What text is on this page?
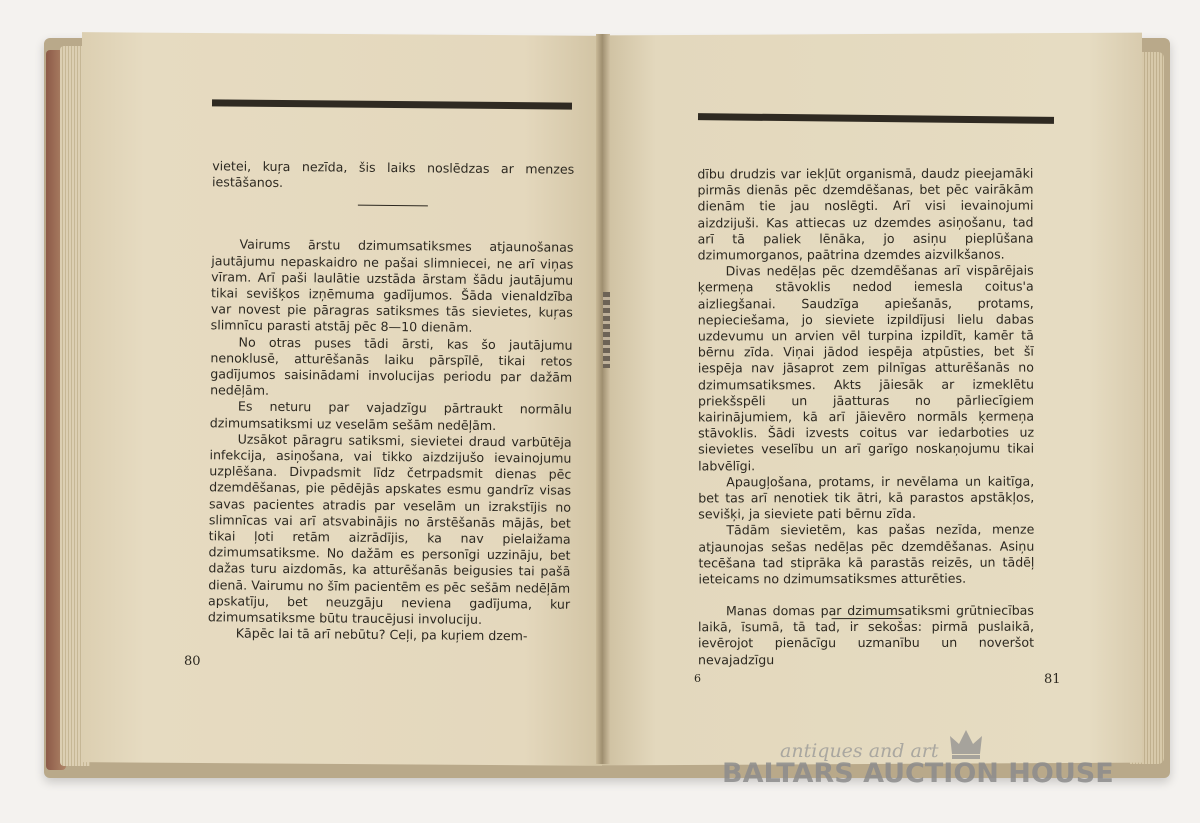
vietei, kuŗa nezīda, šis laiks noslēdzas ar menzes iestāšanos.

Vairums ārstu dzimumsatiksmes atjaunošanas jautājumu nepaskaidro ne pašai slimniecei, ne arī viņas vīram. Arī paši laulātie uzstāda ārstam šādu jautājumu tikai sevišķos izņēmuma gadījumos. Šāda vienaldzība var novest pie pāragras satiksmes tās sievietes, kuŗas slimnīcu parasti atstāj pēc 8—10 dienām.

No otras puses tādi ārsti, kas šo jautājumu nenoklusē, atturēšanās laiku pārspīlē, tikai retos gadījumos saisinādami involucijas periodu par dažām nedēļām.

Es neturu par vajadzīgu pārtraukt normālu dzimumsatiksmi uz veselām sešām nedēļām.

Uzsākot pāragru satiksmi, sievietei draud varbūtēja infekcija, asiņošana, vai tikko aizdzijušo ievainojumu uzplēšana. Divpadsmit līdz četrpadsmit dienas pēc dzemdēšanas, pie pēdējās apskates esmu gandrīz visas savas pacientes atradis par veselām un izrakstījis no slimnīcas vai arī atsvabinājis no ārstēšanās mājās, bet tikai ļoti retām aizrādījis, ka nav pielaižama dzimumsatiksme. No dažām es personīgi uzzināju, bet dažas turu aizdomās, ka atturēšanās beigusies tai pašā dienā. Vairumu no šīm pacientēm es pēc sešām nedēļām apskatīju, bet neuzgāju neviena gadījuma, kur dzimumsatiksme būtu traucējusi involuciju.

Kāpēc lai tā arī nebūtu? Ceļi, pa kuŗiem dzem-

80

dību drudzis var iekļūt organismā, daudz pieejamāki pirmās dienās pēc dzemdēšanas, bet pēc vairākām dienām tie jau noslēgti. Arī visi ievainojumi aizdzijuši. Kas attiecas uz dzemdes asiņošanu, tad arī tā paliek lēnāka, jo asiņu pieplūšana dzimumorganos, paātrina dzemdes aizvilkšanos.

Divas nedēļas pēc dzemdēšanas arī vispārējais ķermeņa stāvoklis nedod iemesla coitus'a aizliegšanai. Saudzīga apiešanās, protams, nepieciešama, jo sieviete izpildījusi lielu dabas uzdevumu un arvien vēl turpina izpildīt, kamēr tā bērnu zīda. Viņai jādod iespēja atpūsties, bet šī iespēja nav jāsaprot zem pilnīgas atturēšanās no dzimumsatiksmes. Akts jāiesāk ar izmeklētu priekšspēli un jāatturas no pārliecīgiem kairinājumiem, kā arī jāievēro normāls ķermeņa stāvoklis. Šādi izvests coitus var iedarboties uz sievietes veselību un arī garīgo noskaņojumu tikai labvēlīgi.

Apaugļošana, protams, ir nevēlama un kaitīga, bet tas arī nenotiek tik ātri, kā parastos apstākļos, sevišķi, ja sieviete pati bērnu zīda.

Tādām sievietēm, kas pašas nezīda, menze atjaunojas sešas nedēļas pēc dzemdēšanas. Asiņu tecēšana tad stiprāka kā parastās reizēs, un tādēļ ieteicams no dzimumsatiksmes atturēties.

Manas domas par dzimumsatiksmi grūtniecības laikā, īsumā, tā tad, ir sekošas: pirmā puslaikā, ievērojot pienācīgu uzmanību un noveršot nevajadzīgu

6	81
antiques and art
BALTARS AUCTION HOUSE
